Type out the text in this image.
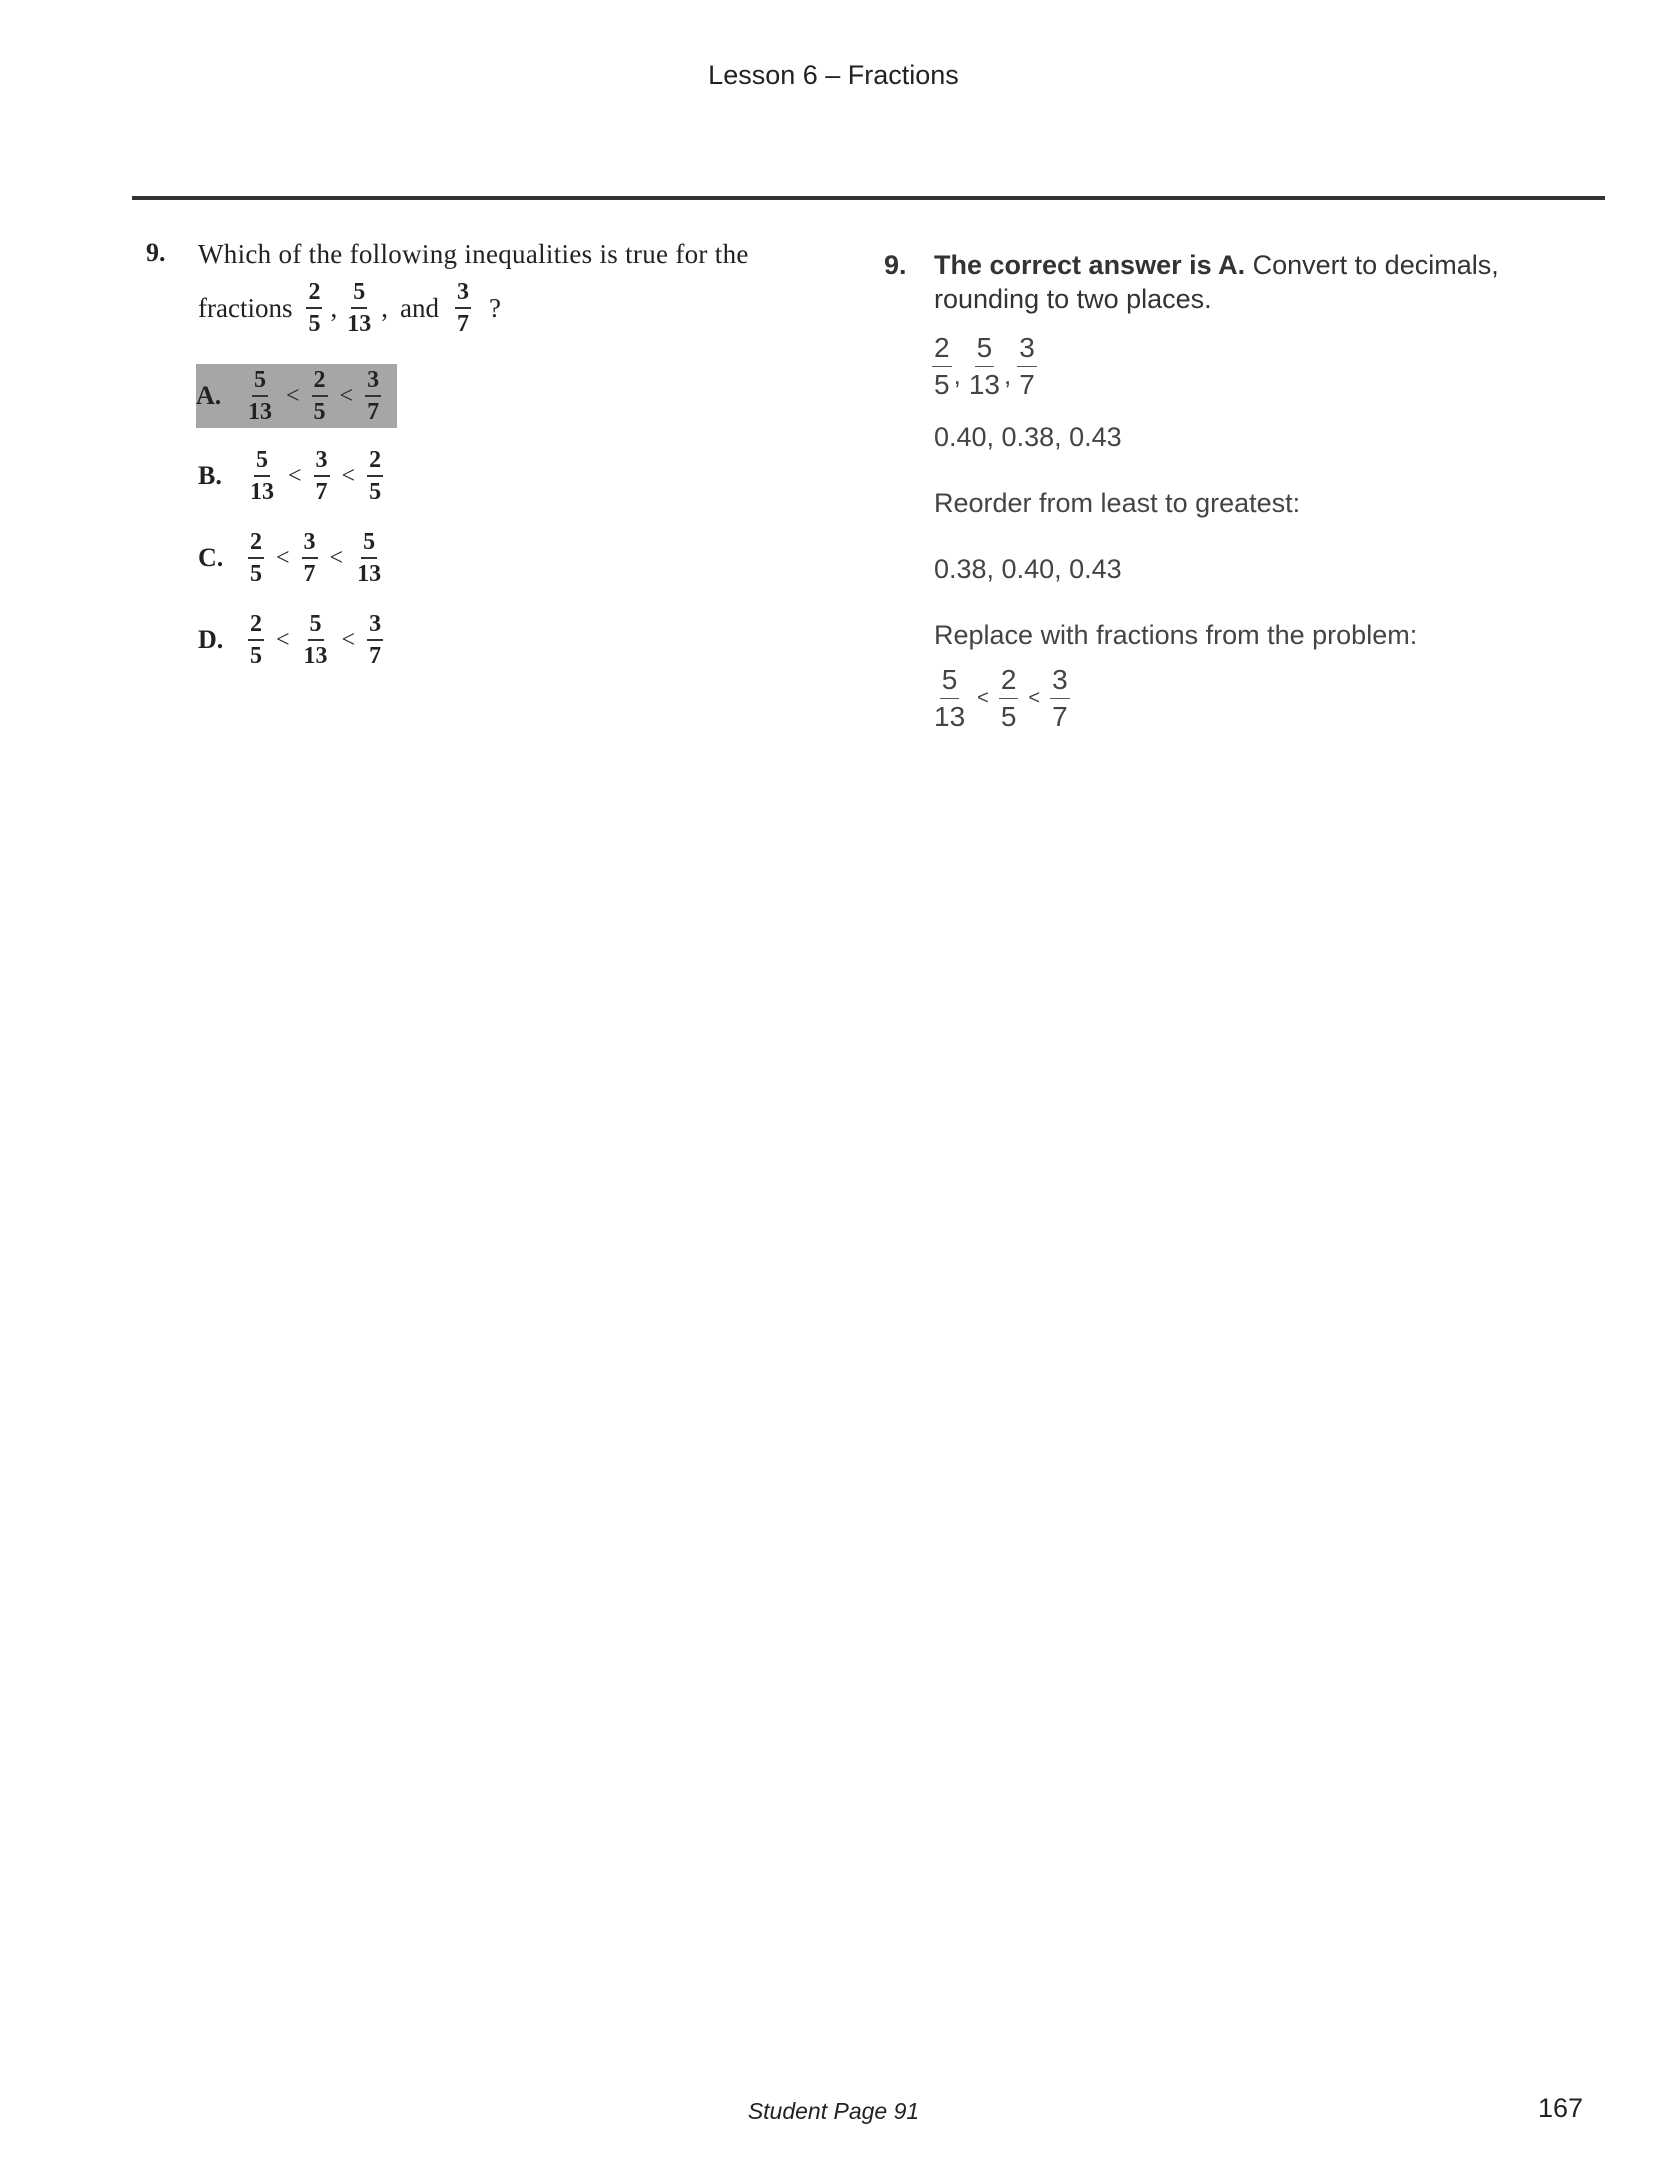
Lesson 6 – Fractions
9. Which of the following inequalities is true for the
fractions $\frac{2}{5}$ , $\frac{5}{13}$ , and $\frac{3}{7}$ ?
A.	$\frac{5}{13} < \frac{2}{5} < \frac{3}{7}$
B.	$\frac{5}{13} < \frac{3}{7} < \frac{2}{5}$
C.	$\frac{2}{5} < \frac{3}{7} < \frac{5}{13}$
D.	$\frac{2}{5} < \frac{5}{13} < \frac{3}{7}$
9. The correct answer is A. Convert to decimals, rounding to two places.
$\frac{2}{5}$ , $\frac{5}{13}$ , $\frac{3}{7}$
0.40, 0.38, 0.43
Reorder from least to greatest:
0.38, 0.40, 0.43
Replace with fractions from the problem:
$\frac{5}{13} < \frac{2}{5} < \frac{3}{7}$
Student Page 91	167
